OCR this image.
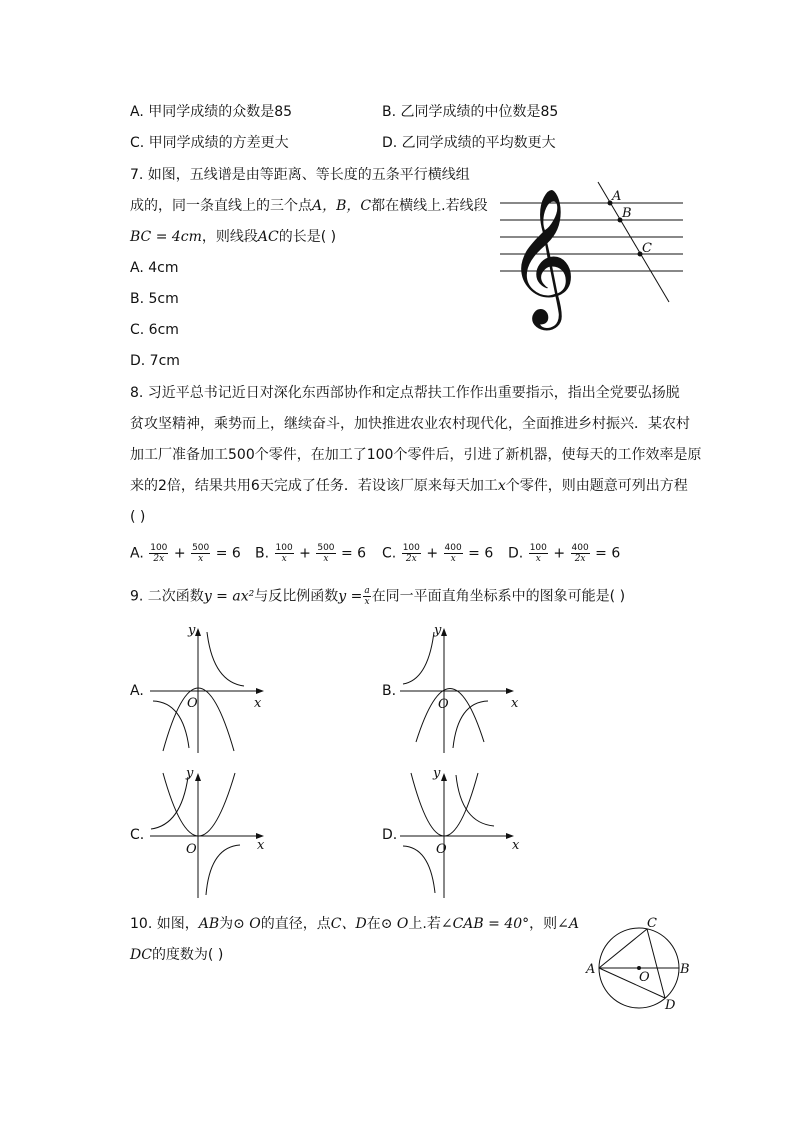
A. 甲同学成绩的众数是85	B. 乙同学成绩的中位数是85
C. 甲同学成绩的方差更大	D. 乙同学成绩的平均数更大
7. 如图，五线谱是由等距离、等长度的五条平行横线组
成的，同一条直线上的三个点A，B，C都在横线上.若线段
BC = 4cm，则线段AC的长是( )
A. 4cm
B. 5cm
C. 6cm
D. 7cm
𝄞	A
B
C
8. 习近平总书记近日对深化东西部协作和定点帮扶工作作出重要指示，指出全党要弘扬脱
贫攻坚精神，乘势而上，继续奋斗，加快推进农业农村现代化，全面推进乡村振兴．某农村
加工厂准备加工500个零件，在加工了100个零件后，引进了新机器，使每天的工作效率是原
来的2倍，结果共用6天完成了任务．若设该厂原来每天加工x个零件，则由题意可列出方程
( )
A. $\frac{100}{2x} + \frac{500}{x} = 6$ B. $\frac{100}{x} + \frac{500}{x} = 6$ C. $\frac{100}{2x} + \frac{400}{x} = 6$ D. $\frac{100}{x} + \frac{400}{2x} = 6$
9. 二次函数y = ax²与反比例函数$y = \frac{a}{x}$ 在同一平面直角坐标系中的图象可能是( )
A.
x
y
O
B.
x
y
O
C.
x
y
O
D.
x
y
O
10. 如图，AB为⊙ O的直径，点C、D在⊙ O上.若∠CAB = 40°，则∠A
DC的度数为( )
C
A	B
O
D
